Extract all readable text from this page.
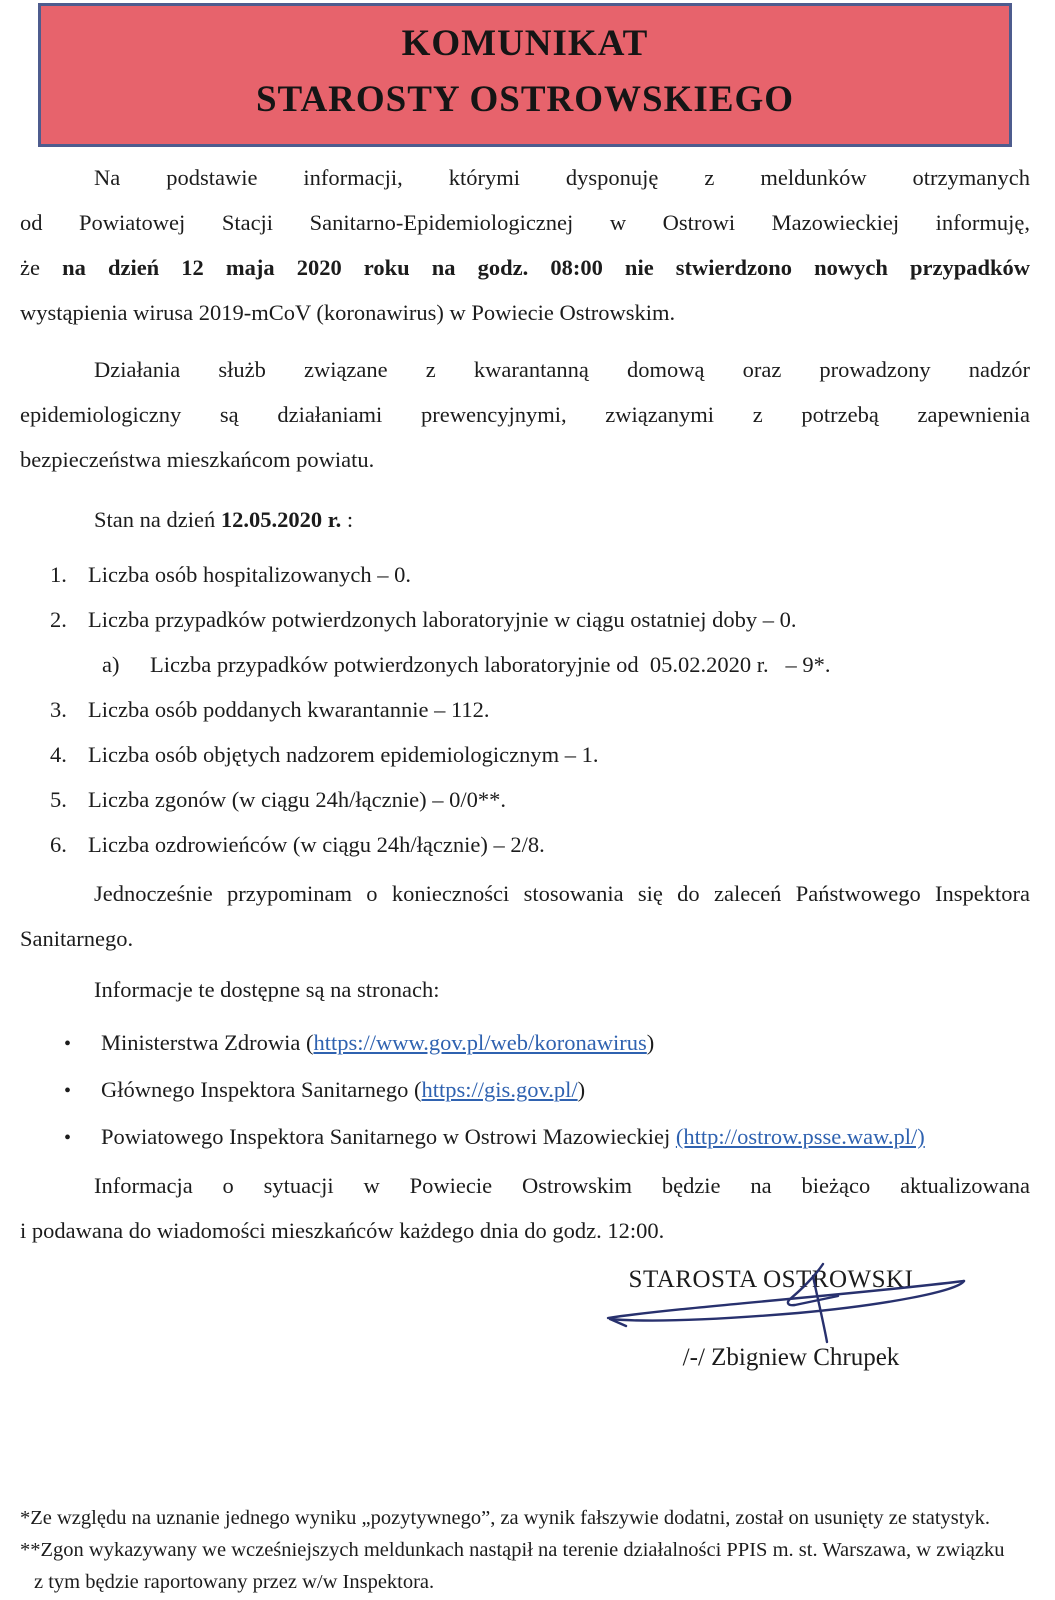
KOMUNIKAT
STAROSTY OSTROWSKIEGO
Na podstawie informacji, którymi dysponuję z meldunków otrzymanych
od Powiatowej Stacji Sanitarno-Epidemiologicznej w Ostrowi Mazowieckiej informuję,
że na dzień 12 maja 2020 roku na godz. 08:00 nie stwierdzono nowych przypadków
wystąpienia wirusa 2019-mCoV (koronawirus) w Powiecie Ostrowskim.
Działania służb związane z kwarantanną domową oraz prowadzony nadzór
epidemiologiczny są działaniami prewencyjnymi, związanymi z potrzebą zapewnienia
bezpieczeństwa mieszkańcom powiatu.
Stan na dzień 12.05.2020 r. :
1. Liczba osób hospitalizowanych – 0.
2. Liczba przypadków potwierdzonych laboratoryjnie w ciągu ostatniej doby – 0.
a) Liczba przypadków potwierdzonych laboratoryjnie od  05.02.2020 r.   – 9*.
3. Liczba osób poddanych kwarantannie – 112.
4. Liczba osób objętych nadzorem epidemiologicznym – 1.
5. Liczba zgonów (w ciągu 24h/łącznie) – 0/0**.
6. Liczba ozdrowieńców (w ciągu 24h/łącznie) – 2/8.
Jednocześnie przypominam o konieczności stosowania się do zaleceń Państwowego Inspektora
Sanitarnego.
Informacje te dostępne są na stronach:
• Ministerstwa Zdrowia (https://www.gov.pl/web/koronawirus)
• Głównego Inspektora Sanitarnego (https://gis.gov.pl/)
• Powiatowego Inspektora Sanitarnego w Ostrowi Mazowieckiej (http://ostrow.psse.waw.pl/)
Informacja o sytuacji w Powiecie Ostrowskim będzie na bieżąco aktualizowana
i podawana do wiadomości mieszkańców każdego dnia do godz. 12:00.
STAROSTA OSTROWSKI
/-/ Zbigniew Chrupek
*Ze względu na uznanie jednego wyniku „pozytywnego”, za wynik fałszywie dodatni, został on usunięty ze statystyk.
**Zgon wykazywany we wcześniejszych meldunkach nastąpił na terenie działalności PPIS m. st. Warszawa, w związku
z tym będzie raportowany przez w/w Inspektora.
